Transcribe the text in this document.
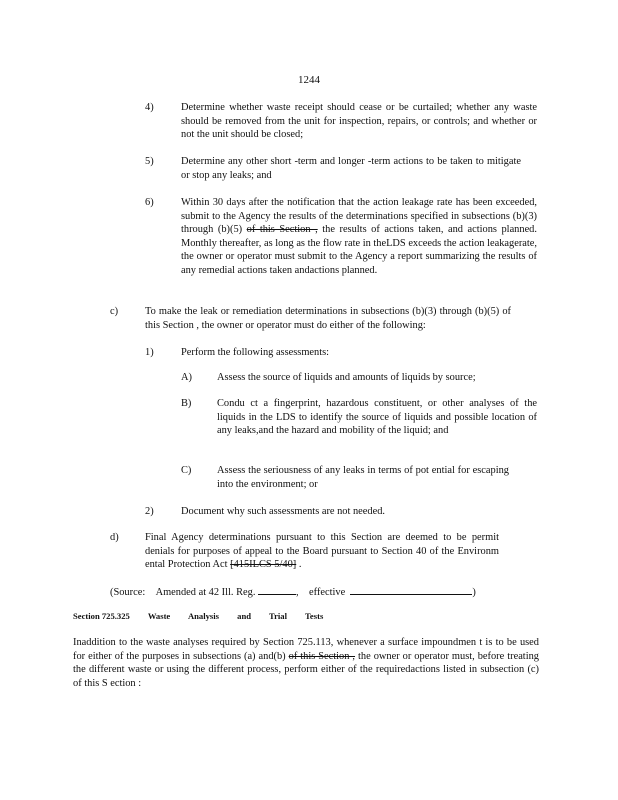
1244
4)	Determine whether waste receipt should cease or be curtailed; whether any waste should be removed from the unit for inspection, repairs, or controls; and whether or not the unit should be closed;
5)	Determine any other short -term and longer -term actions to be taken to mitigate or stop any leaks; and
6)	Within 30 days after the notification that the action leakage rate has been exceeded, submit to the Agency the results of the determinations specified in subsections (b)(3) through (b)(5) of this Section , the results of actions taken, and actions planned. Monthly thereafter, as long as the flow rate in theLDS exceeds the action leakagerate, the owner or operator must submit to the Agency a report summarizing the results of any remedial actions taken andactions planned.
c)	To make the leak or remediation determinations in subsections (b)(3) through (b)(5) of this Section , the owner or operator must do either of the following:
1)	Perform the following assessments:
A) Assess the source of liquids and amounts of liquids by source;
B) Condu ct a fingerprint, hazardous constituent, or other analyses of the liquids in the LDS to identify the source of liquids and possible location of any leaks,and the hazard and mobility of the liquid; and
C) Assess the seriousness of any leaks in terms of pot ential for escaping into the environment; or
2)	Document why such assessments are not needed.
d)	Final Agency determinations pursuant to this Section are deemed to be permit denials for purposes of appeal to the Board pursuant to Section 40 of the Environm ental Protection Act [415ILCS 5/40] .
(Source: Amended at 42 Ill. Reg.	, effective	)
Section 725.325 Waste Analysis and Trial Tests
Inaddition to the waste analyses required by Section 725.113, whenever a surface impoundmen t is to be used for either of the purposes in subsections (a) and(b) of this Section , the owner or operator must, before treating the different waste or using the different process, perform either of the requiredactions listed in subsection (c) of this S ection :
